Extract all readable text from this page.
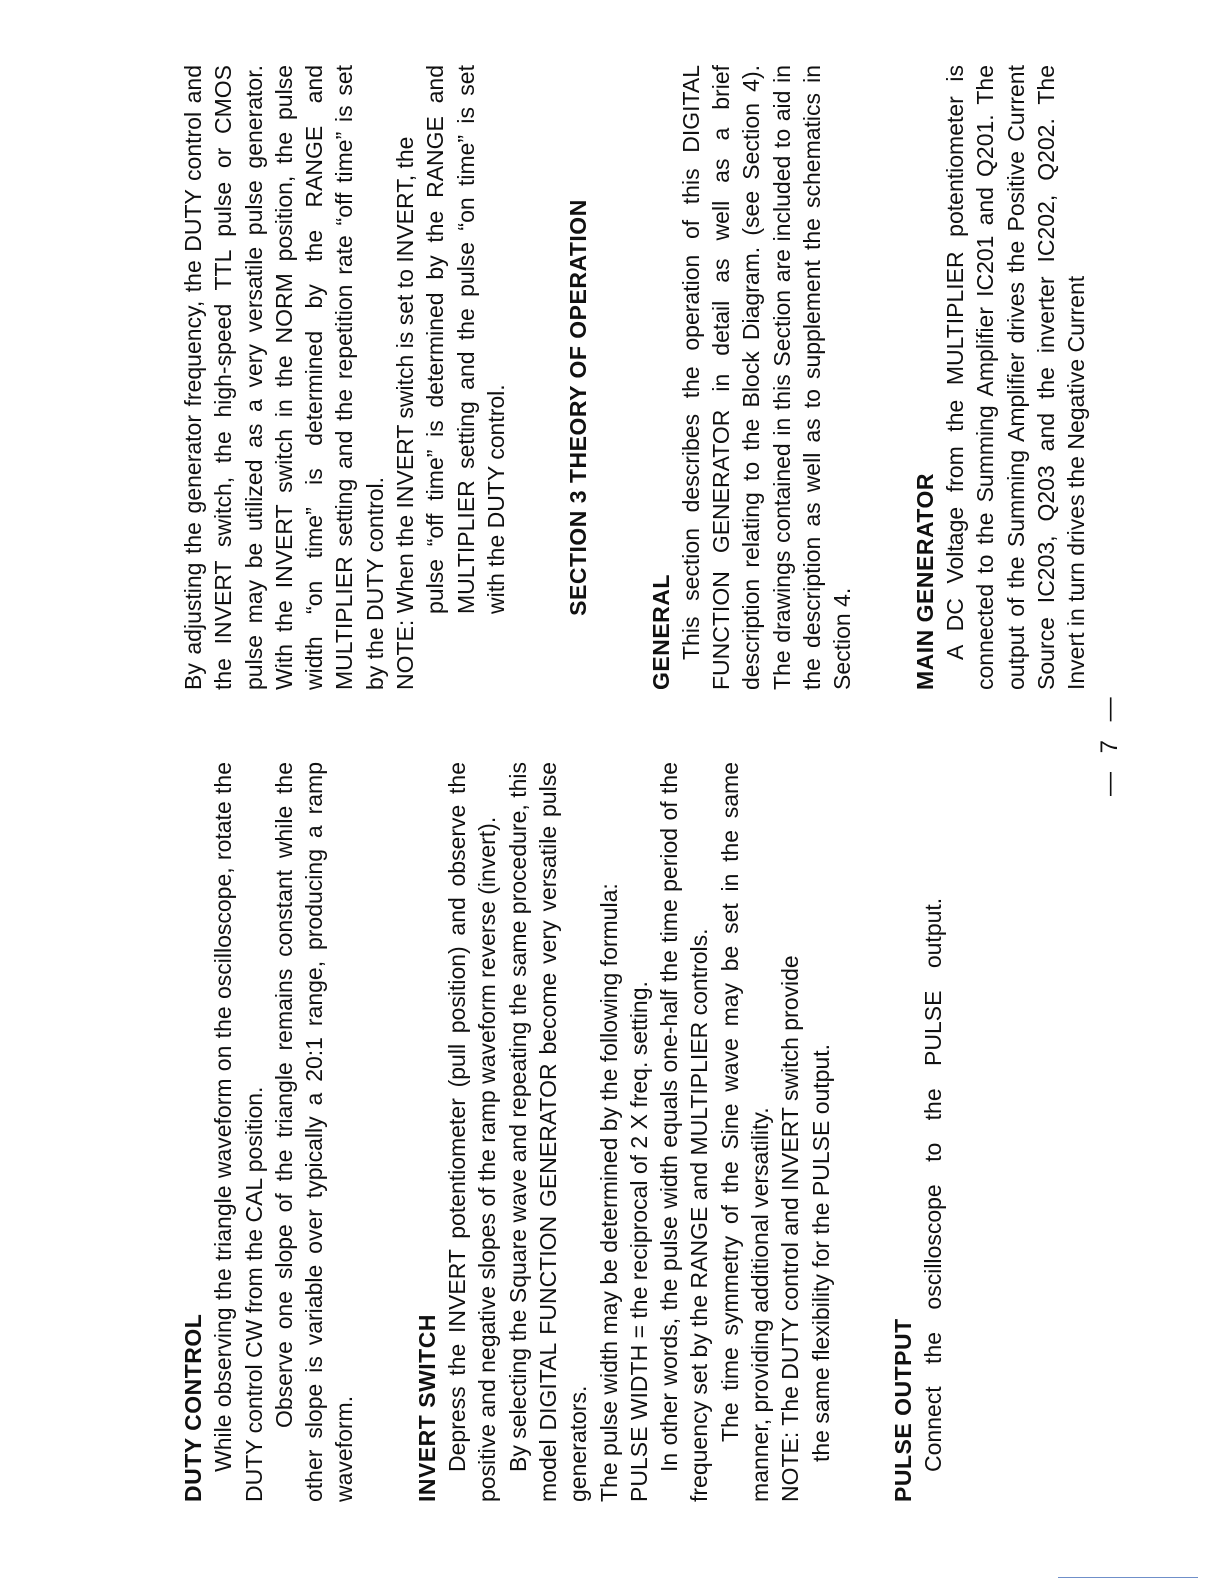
DUTY CONTROL While observing the triangle waveform on the oscilloscope, rotate the DUTY control CW from the CAL position. Observe one slope of the triangle remains constant while the other slope is variable over typically a 20:1 range, producing a ramp waveform. INVERT SWITCH Depress the INVERT potentiometer (pull position) and observe the positive and negative slopes of the ramp waveform reverse (invert). By selecting the Square wave and repeating the same procedure, this model DIGITAL FUNCTION GENERATOR become very versatile pulse generators. The pulse width may be determined by the following formula: PULSE WIDTH = the reciprocal of 2 X freq. setting. In other words, the pulse width equals one-half the time period of the frequency set by the RANGE and MULTIPLIER controls. The time symmetry of the Sine wave may be set in the same manner, providing additional versatility. NOTE: The DUTY control and INVERT switch provide the same flexibility for the PULSE output. PULSE OUTPUT Connect the oscilloscope to the PULSE output.

By adjusting the generator frequency, the DUTY control and the INVERT switch, the high-speed TTL pulse or CMOS pulse may be utilized as a very versatile pulse generator. With the INVERT switch in the NORM position, the pulse width “on time” is determined by the RANGE and MULTIPLIER setting and the repetition rate “off time” is set by the DUTY control. NOTE: When the INVERT switch is set to INVERT, the pulse “off time” is determined by the RANGE and MULTIPLIER setting and the pulse “on time” is set with the DUTY control. SECTION 3 THEORY OF OPERATION
GENERAL This section describes the operation of this DIGITAL FUNCTION GENERATOR in detail as well as a brief description relating to the Block Diagram. (see Section 4). The drawings contained in this Section are included to aid in the description as well as to supplement the schematics in Section 4. MAIN GENERATOR A DC Voltage from the MULTIPLIER potentiometer is connected to the Summing Amplifier IC201 and Q201. The output of the Summing Amplifier drives the Positive Current Source IC203, Q203 and the inverter IC202, Q202. The Invert in turn drives the Negative Current

— 7 —
